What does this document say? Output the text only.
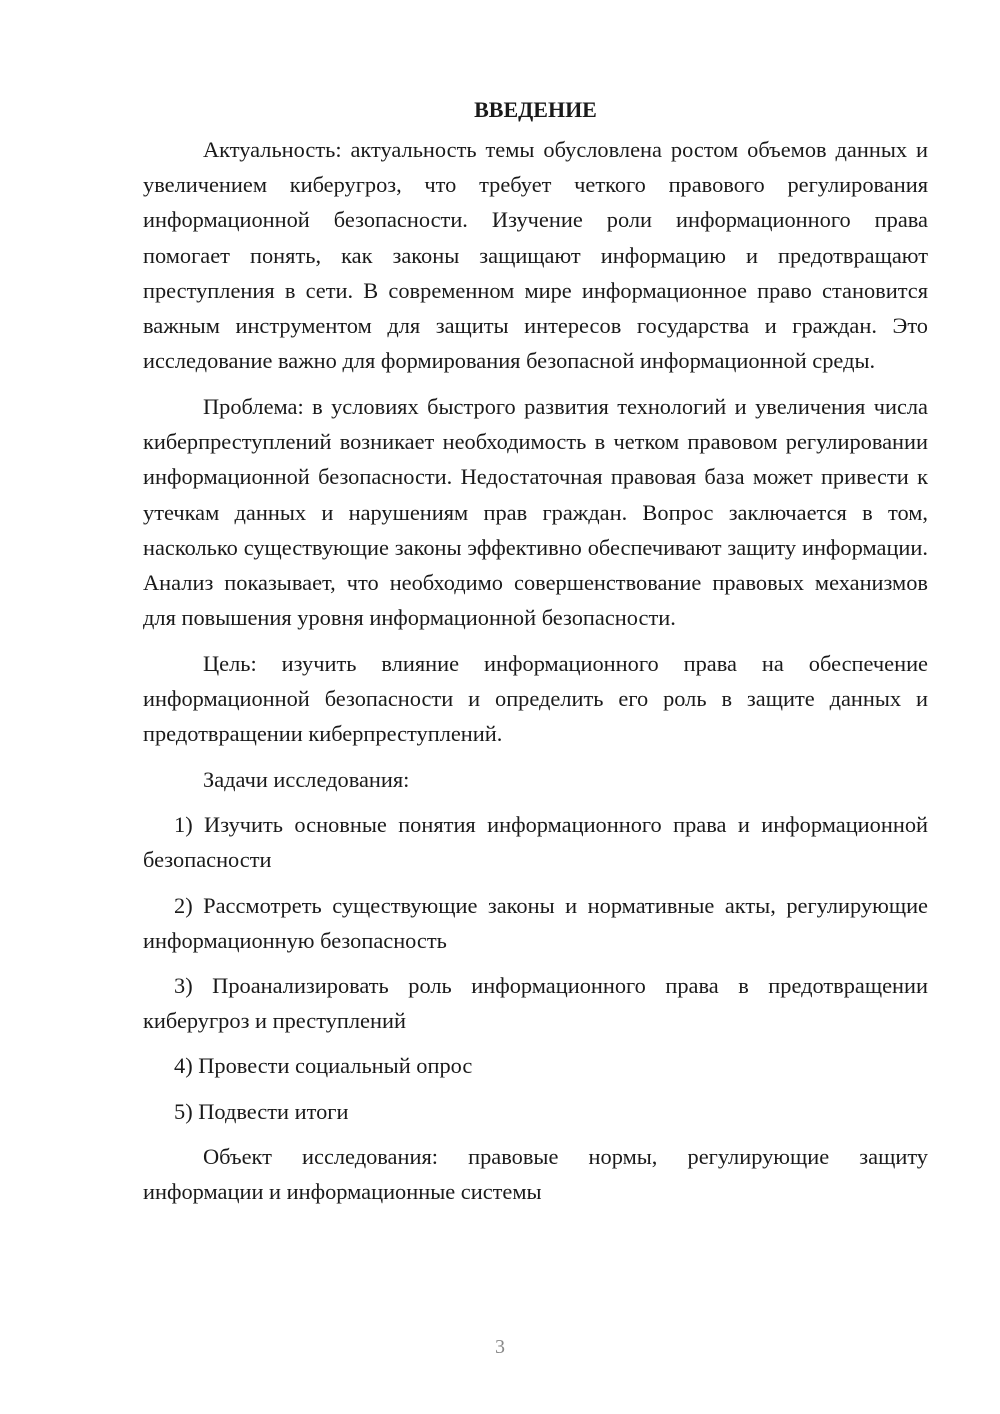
ВВЕДЕНИЕ

Актуальность: актуальность темы обусловлена ростом объемов данных и увеличением киберугроз, что требует четкого правового регулирования информационной безопасности. Изучение роли информационного права помогает понять, как законы защищают информацию и предотвращают преступления в сети. В современном мире информационное право становится важным инструментом для защиты интересов государства и граждан. Это исследование важно для формирования безопасной информационной среды.

Проблема: в условиях быстрого развития технологий и увеличения числа киберпреступлений возникает необходимость в четком правовом регулировании информационной безопасности. Недостаточная правовая база может привести к утечкам данных и нарушениям прав граждан. Вопрос заключается в том, насколько существующие законы эффективно обеспечивают защиту информации. Анализ показывает, что необходимо совершенствование правовых механизмов для повышения уровня информационной безопасности.

Цель: изучить влияние информационного права на обеспечение информационной безопасности и определить его роль в защите данных и предотвращении киберпреступлений.

Задачи исследования:

1) Изучить основные понятия информационного права и информационной безопасности

2) Рассмотреть существующие законы и нормативные акты, регулирующие информационную безопасность

3) Проанализировать роль информационного права в предотвращении киберугроз и преступлений

4) Провести социальный опрос

5) Подвести итоги

Объект исследования: правовые нормы, регулирующие защиту информации и информационные системы

3
